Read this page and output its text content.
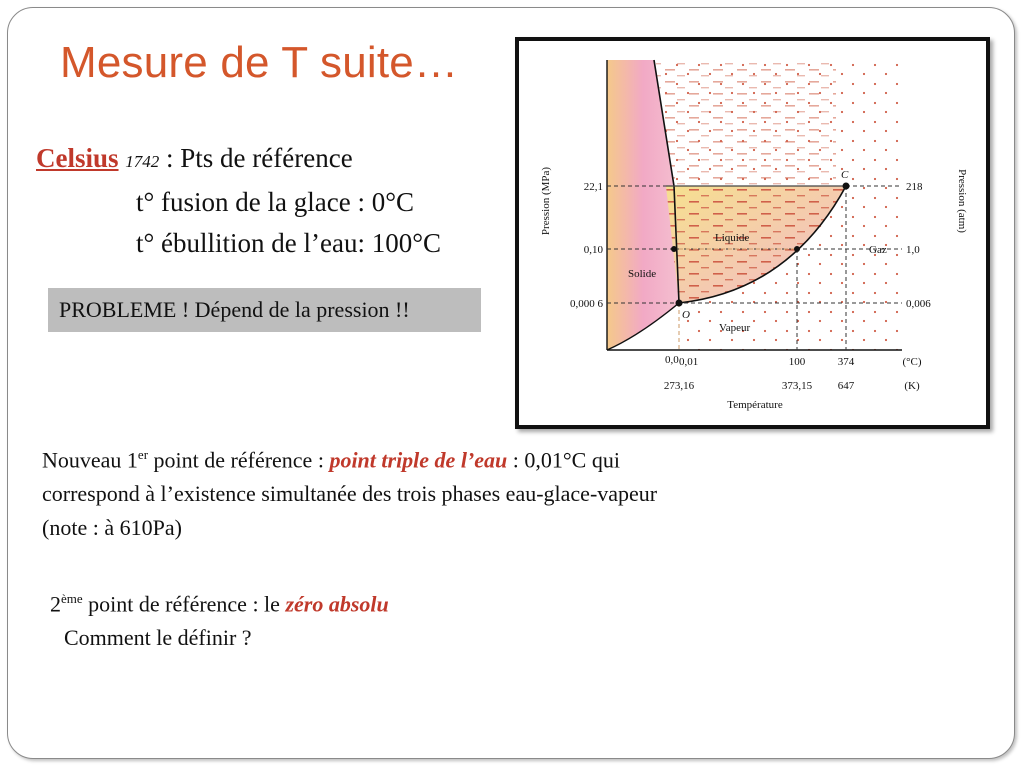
Mesure de T suite…
Celsius 1742 : Pts de référence
t° fusion de la glace : 0°C
t° ébullition de l’eau: 100°C
PROBLEME ! Dépend de la pression !!
C
O
Solide
Liquide
Gaz
Vapeur
22,1
0,10
0,000 6
218
1,0
0,006
Pression (MPa)	Pression (atm)
0,0 0,01	100	374	(°C)
273,16	373,15 647	(K)
Température
Nouveau 1er point de référence : point triple de l’eau : 0,01°C qui
correspond à l’existence simultanée des trois phases eau-glace-vapeur
(note : à 610Pa)
2ème point de référence : le zéro absolu
Comment le définir ?
